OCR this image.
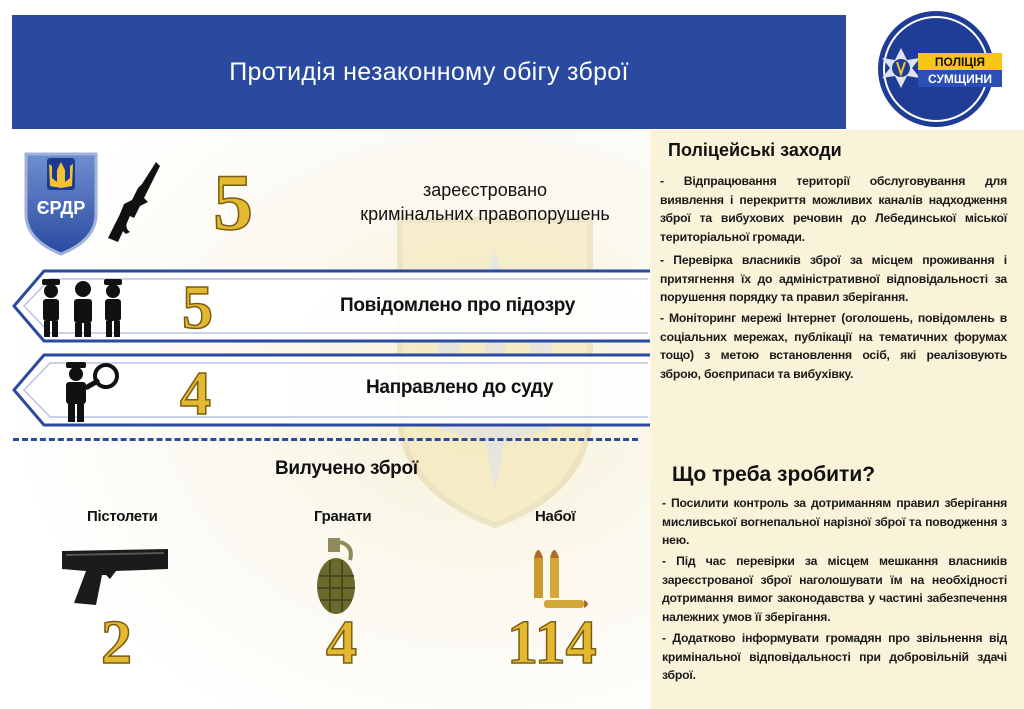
Протидія незаконному обігу зброї	ПОЛІЦІЯ
СУМЩИНИ
ЄРДР 5	зареєстровано
кримінальних правопорушень
5	Повідомлено про підозру
4	Направлено до суду
Вилучено зброї
Пістолети
2
Гранати
4
Набої
114
Поліцейські заходи
- Відпрацювання території обслуговування для виявлення і перекриття можливих каналів надходження зброї та вибухових речовин до Лебединської міської територіальної громади.
- Перевірка власників зброї за місцем проживання і притягнення їх до адміністративної відповідальності за порушення порядку та правил зберігання.
- Моніторинг мережі Інтернет (оголошень, повідомлень в соціальних мережах, публікації на тематичних форумах тощо) з метою встановлення осіб, які реалізовують зброю, боєприпаси та вибухівку.
Що треба зробити?
- Посилити контроль за дотриманням правил зберігання мисливської вогнепальної нарізної зброї та поводження з нею.
- Під час перевірки за місцем мешкання власників зареєстрованої зброї наголошувати їм на необхідності дотримання вимог законодавства у частині забезпечення належних умов її зберігання.
- Додатково інформувати громадян про звільнення від кримінальної відповідальності при добровільній здачі зброї.
